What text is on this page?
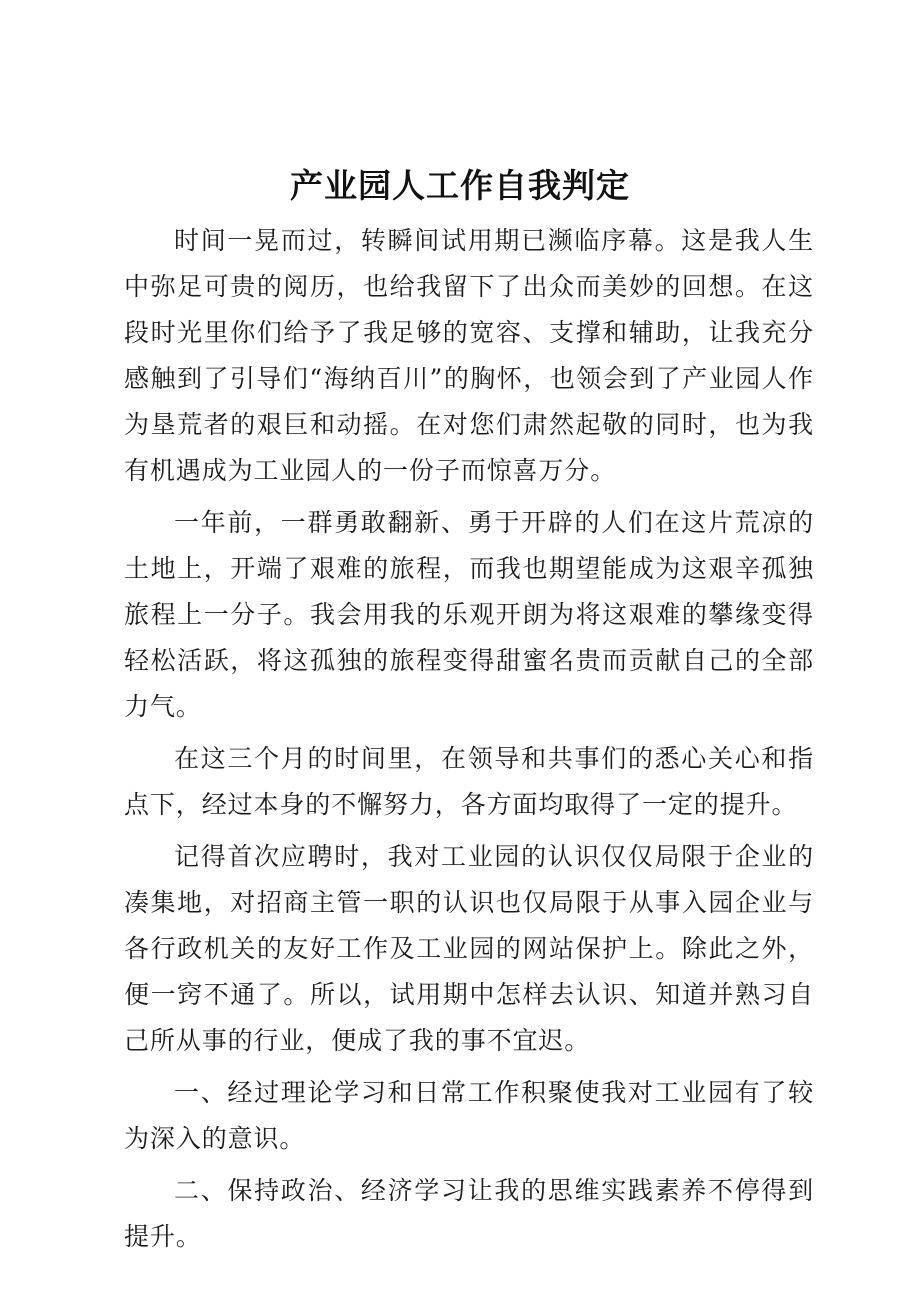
产业园人工作自我判定

时间一晃而过，转瞬间试用期已濒临序幕。这是我人生中弥足可贵的阅历，也给我留下了出众而美妙的回想。在这段时光里你们给予了我足够的宽容、支撑和辅助，让我充分感触到了引导们“海纳百川”的胸怀，也领会到了产业园人作为垦荒者的艰巨和动摇。在对您们肃然起敬的同时，也为我有机遇成为工业园人的一份子而惊喜万分。

一年前，一群勇敢翻新、勇于开辟的人们在这片荒凉的土地上，开端了艰难的旅程，而我也期望能成为这艰辛孤独旅程上一分子。我会用我的乐观开朗为将这艰难的攀缘变得轻松活跃，将这孤独的旅程变得甜蜜名贵而贡献自己的全部力气。

在这三个月的时间里，在领导和共事们的悉心关心和指点下，经过本身的不懈努力，各方面均取得了一定的提升。

记得首次应聘时，我对工业园的认识仅仅局限于企业的凑集地，对招商主管一职的认识也仅局限于从事入园企业与各行政机关的友好工作及工业园的网站保护上。除此之外，便一窍不通了。所以，试用期中怎样去认识、知道并熟习自己所从事的行业，便成了我的事不宜迟。

一、经过理论学习和日常工作积聚使我对工业园有了较为深入的意识。

二、保持政治、经济学习让我的思维实践素养不停得到提升。
